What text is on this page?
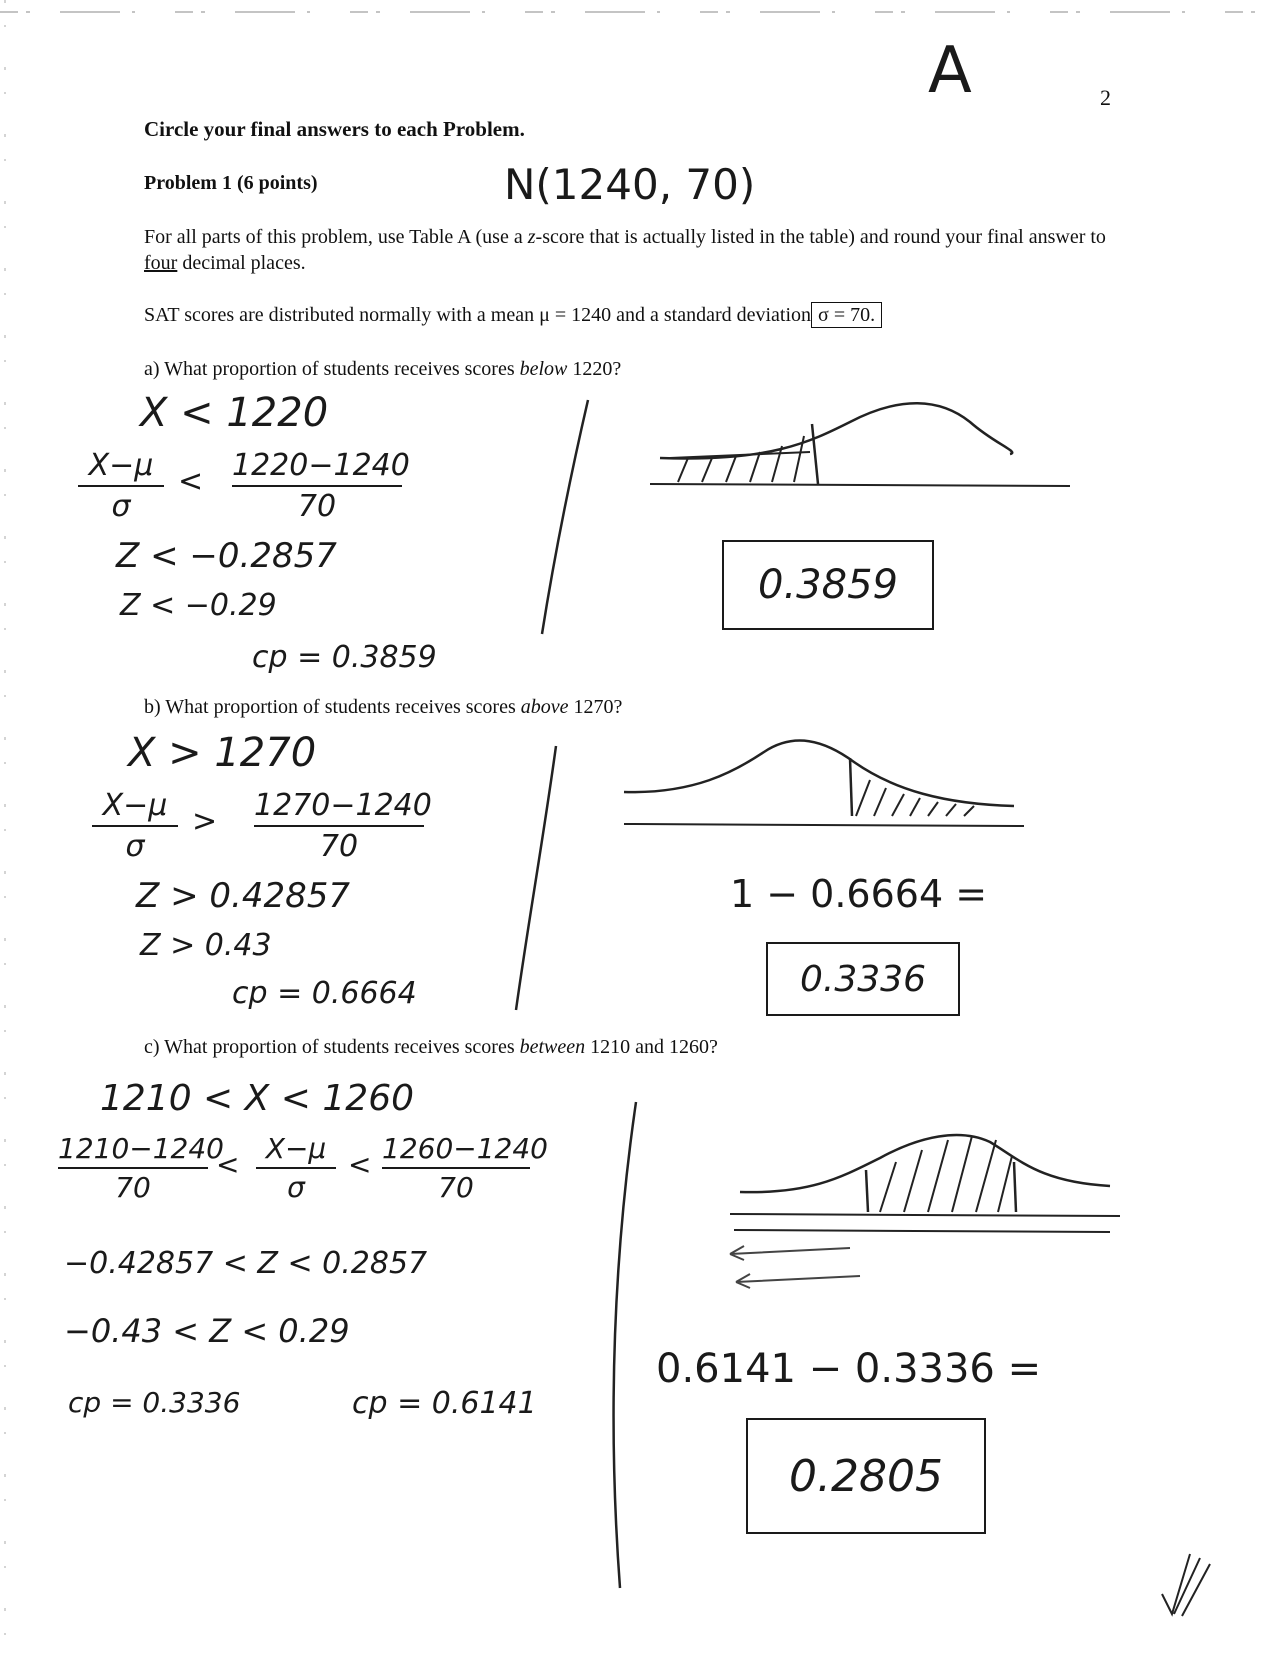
A	2
Circle your final answers to each Problem.
Problem 1 (6 points)	N(1240, 70)
For all parts of this problem, use Table A (use a z-score that is actually listed in the table) and round your final answer to four decimal places.
SAT scores are distributed normally with a mean μ = 1240 and a standard deviation σ = 70.
a) What proportion of students receives scores below 1220?
X < 1220
X−μ
σ
< 1220−1240
70
Z < −0.2857
Z < −0.29
cp = 0.3859
0.3859
b) What proportion of students receives scores above 1270?
X > 1270
X−μ
σ
> 1270−1240
70
Z > 0.42857
Z > 0.43
cp = 0.6664
1 − 0.6664 =
0.3336
c) What proportion of students receives scores between 1210 and 1260?
1210 < X < 1260
1210−1240
70
< X−μ
σ
< 1260−1240
70
−0.42857 < Z < 0.2857
−0.43 < Z < 0.29
cp = 0.3336	cp = 0.6141
0.6141 − 0.3336 =
0.2805
